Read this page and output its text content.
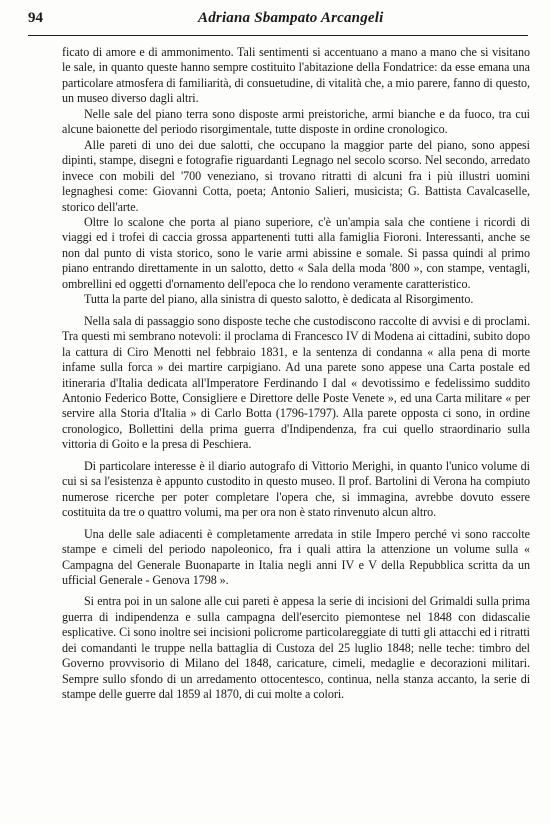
94	Adriana Sbampato Arcangeli

ficato di amore e di ammonimento. Tali sentimenti si accentuano a mano a mano che si visitano le sale, in quanto queste hanno sempre costituito l'abitazione della Fondatrice: da esse emana una particolare atmosfera di familiarità, di consuetudine, di vitalità che, a mio parere, fanno di questo, un museo diverso dagli altri.

Nelle sale del piano terra sono disposte armi preistoriche, armi bianche e da fuoco, tra cui alcune baionette del periodo risorgimentale, tutte disposte in ordine cronologico.

Alle pareti di uno dei due salotti, che occupano la maggior parte del piano, sono appesi dipinti, stampe, disegni e fotografie riguardanti Legnago nel secolo scorso. Nel secondo, arredato invece con mobili del '700 veneziano, si trovano ritratti di alcuni fra i più illustri uomini legnaghesi come: Giovanni Cotta, poeta; Antonio Salieri, musicista; G. Battista Cavalcaselle, storico dell'arte.

Oltre lo scalone che porta al piano superiore, c'è un'ampia sala che contiene i ricordi di viaggi ed i trofei di caccia grossa appartenenti tutti alla famiglia Fioroni. Interessanti, anche se non dal punto di vista storico, sono le varie armi abissine e somale. Si passa quindi al primo piano entrando direttamente in un salotto, detto « Sala della moda '800 », con stampe, ventagli, ombrellini ed oggetti d'ornamento dell'epoca che lo rendono veramente caratteristico.

Tutta la parte del piano, alla sinistra di questo salotto, è dedicata al Risorgimento.

Nella sala di passaggio sono disposte teche che custodiscono raccolte di avvisi e di proclami. Tra questi mi sembrano notevoli: il proclama di Francesco IV di Modena ai cittadini, subito dopo la cattura di Ciro Menotti nel febbraio 1831, e la sentenza di condanna « alla pena di morte infame sulla forca » dei martire carpigiano. Ad una parete sono appese una Carta postale ed itineraria d'Italia dedicata all'Imperatore Ferdinando I dal « devotissimo e fedelissimo suddito Antonio Federico Botte, Consigliere e Direttore delle Poste Venete », ed una Carta militare « per servire alla Storia d'Italia » di Carlo Botta (1796-1797). Alla parete opposta ci sono, in ordine cronologico, Bollettini della prima guerra d'Indipendenza, fra cui quello straordinario sulla vittoria di Goito e la presa di Peschiera.

Di particolare interesse è il diario autografo di Vittorio Merighi, in quanto l'unico volume di cui si sa l'esistenza è appunto custodito in questo museo. Il prof. Bartolini di Verona ha compiuto numerose ricerche per poter completare l'opera che, si immagina, avrebbe dovuto essere costituita da tre o quattro volumi, ma per ora non è stato rinvenuto alcun altro.

Una delle sale adiacenti è completamente arredata in stile Impero perché vi sono raccolte stampe e cimeli del periodo napoleonico, fra i quali attira la attenzione un volume sulla « Campagna del Generale Buonaparte in Italia negli anni IV e V della Repubblica scritta da un ufficial Generale - Genova 1798 ».

Si entra poi in un salone alle cui pareti è appesa la serie di incisioni del Grimaldi sulla prima guerra di indipendenza e sulla campagna dell'esercito piemontese nel 1848 con didascalie esplicative. Ci sono inoltre sei incisioni policrome particolareggiate di tutti gli attacchi ed i ritratti dei comandanti le truppe nella battaglia di Custoza del 25 luglio 1848; nelle teche: timbro del Governo provvisorio di Milano del 1848, caricature, cimeli, medaglie e decorazioni militari. Sempre sullo sfondo di un arredamento ottocentesco, continua, nella stanza accanto, la serie di stampe delle guerre dal 1859 al 1870, di cui molte a colori.
